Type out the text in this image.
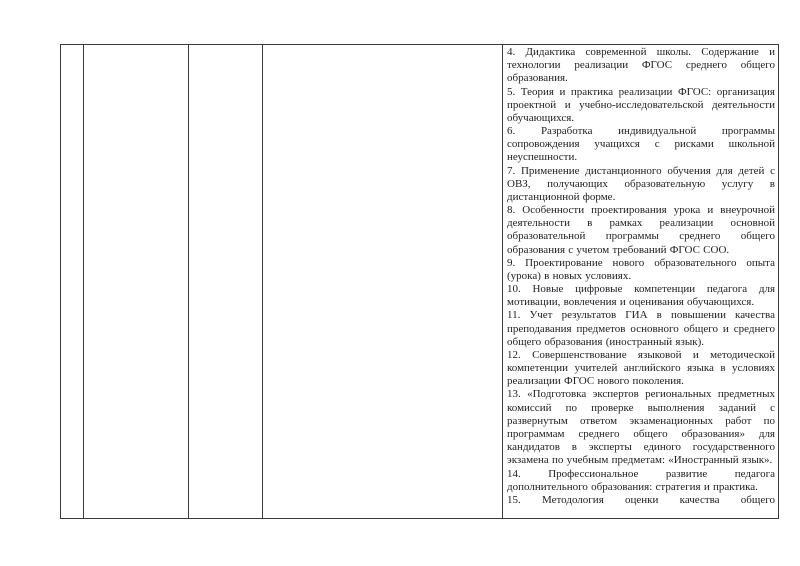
4. Дидактика современной школы. Содержание и технологии реализации ФГОС среднего общего образования.

5. Теория и практика реализации ФГОС: организация проектной и учебно-исследовательской деятельности обучающихся.

6. Разработка индивидуальной программы сопровождения учащихся с рисками школьной неуспешности.

7. Применение дистанционного обучения для детей с ОВЗ, получающих образовательную услугу в дистанционной форме.

8. Особенности проектирования урока и внеурочной деятельности в рамках реализации основной образовательной программы среднего общего образования с учетом требований ФГОС СОО.

9. Проектирование нового образовательного опыта (урока) в новых условиях.

10. Новые цифровые компетенции педагога для мотивации, вовлечения и оценивания обучающихся.

11. Учет результатов ГИА в повышении качества преподавания предметов основного общего и среднего общего образования (иностранный язык).

12. Совершенствование языковой и методической компетенции учителей английского языка в условиях реализации ФГОС нового поколения.

13. «Подготовка экспертов региональных предметных комиссий по проверке выполнения заданий с развернутым ответом экзаменационных работ по программам среднего общего образования» для кандидатов в эксперты единого государственного экзамена по учебным предметам: «Иностранный язык».

14. Профессиональное развитие педагога дополнительного образования: стратегия и практика.

15. Методология оценки качества общего
